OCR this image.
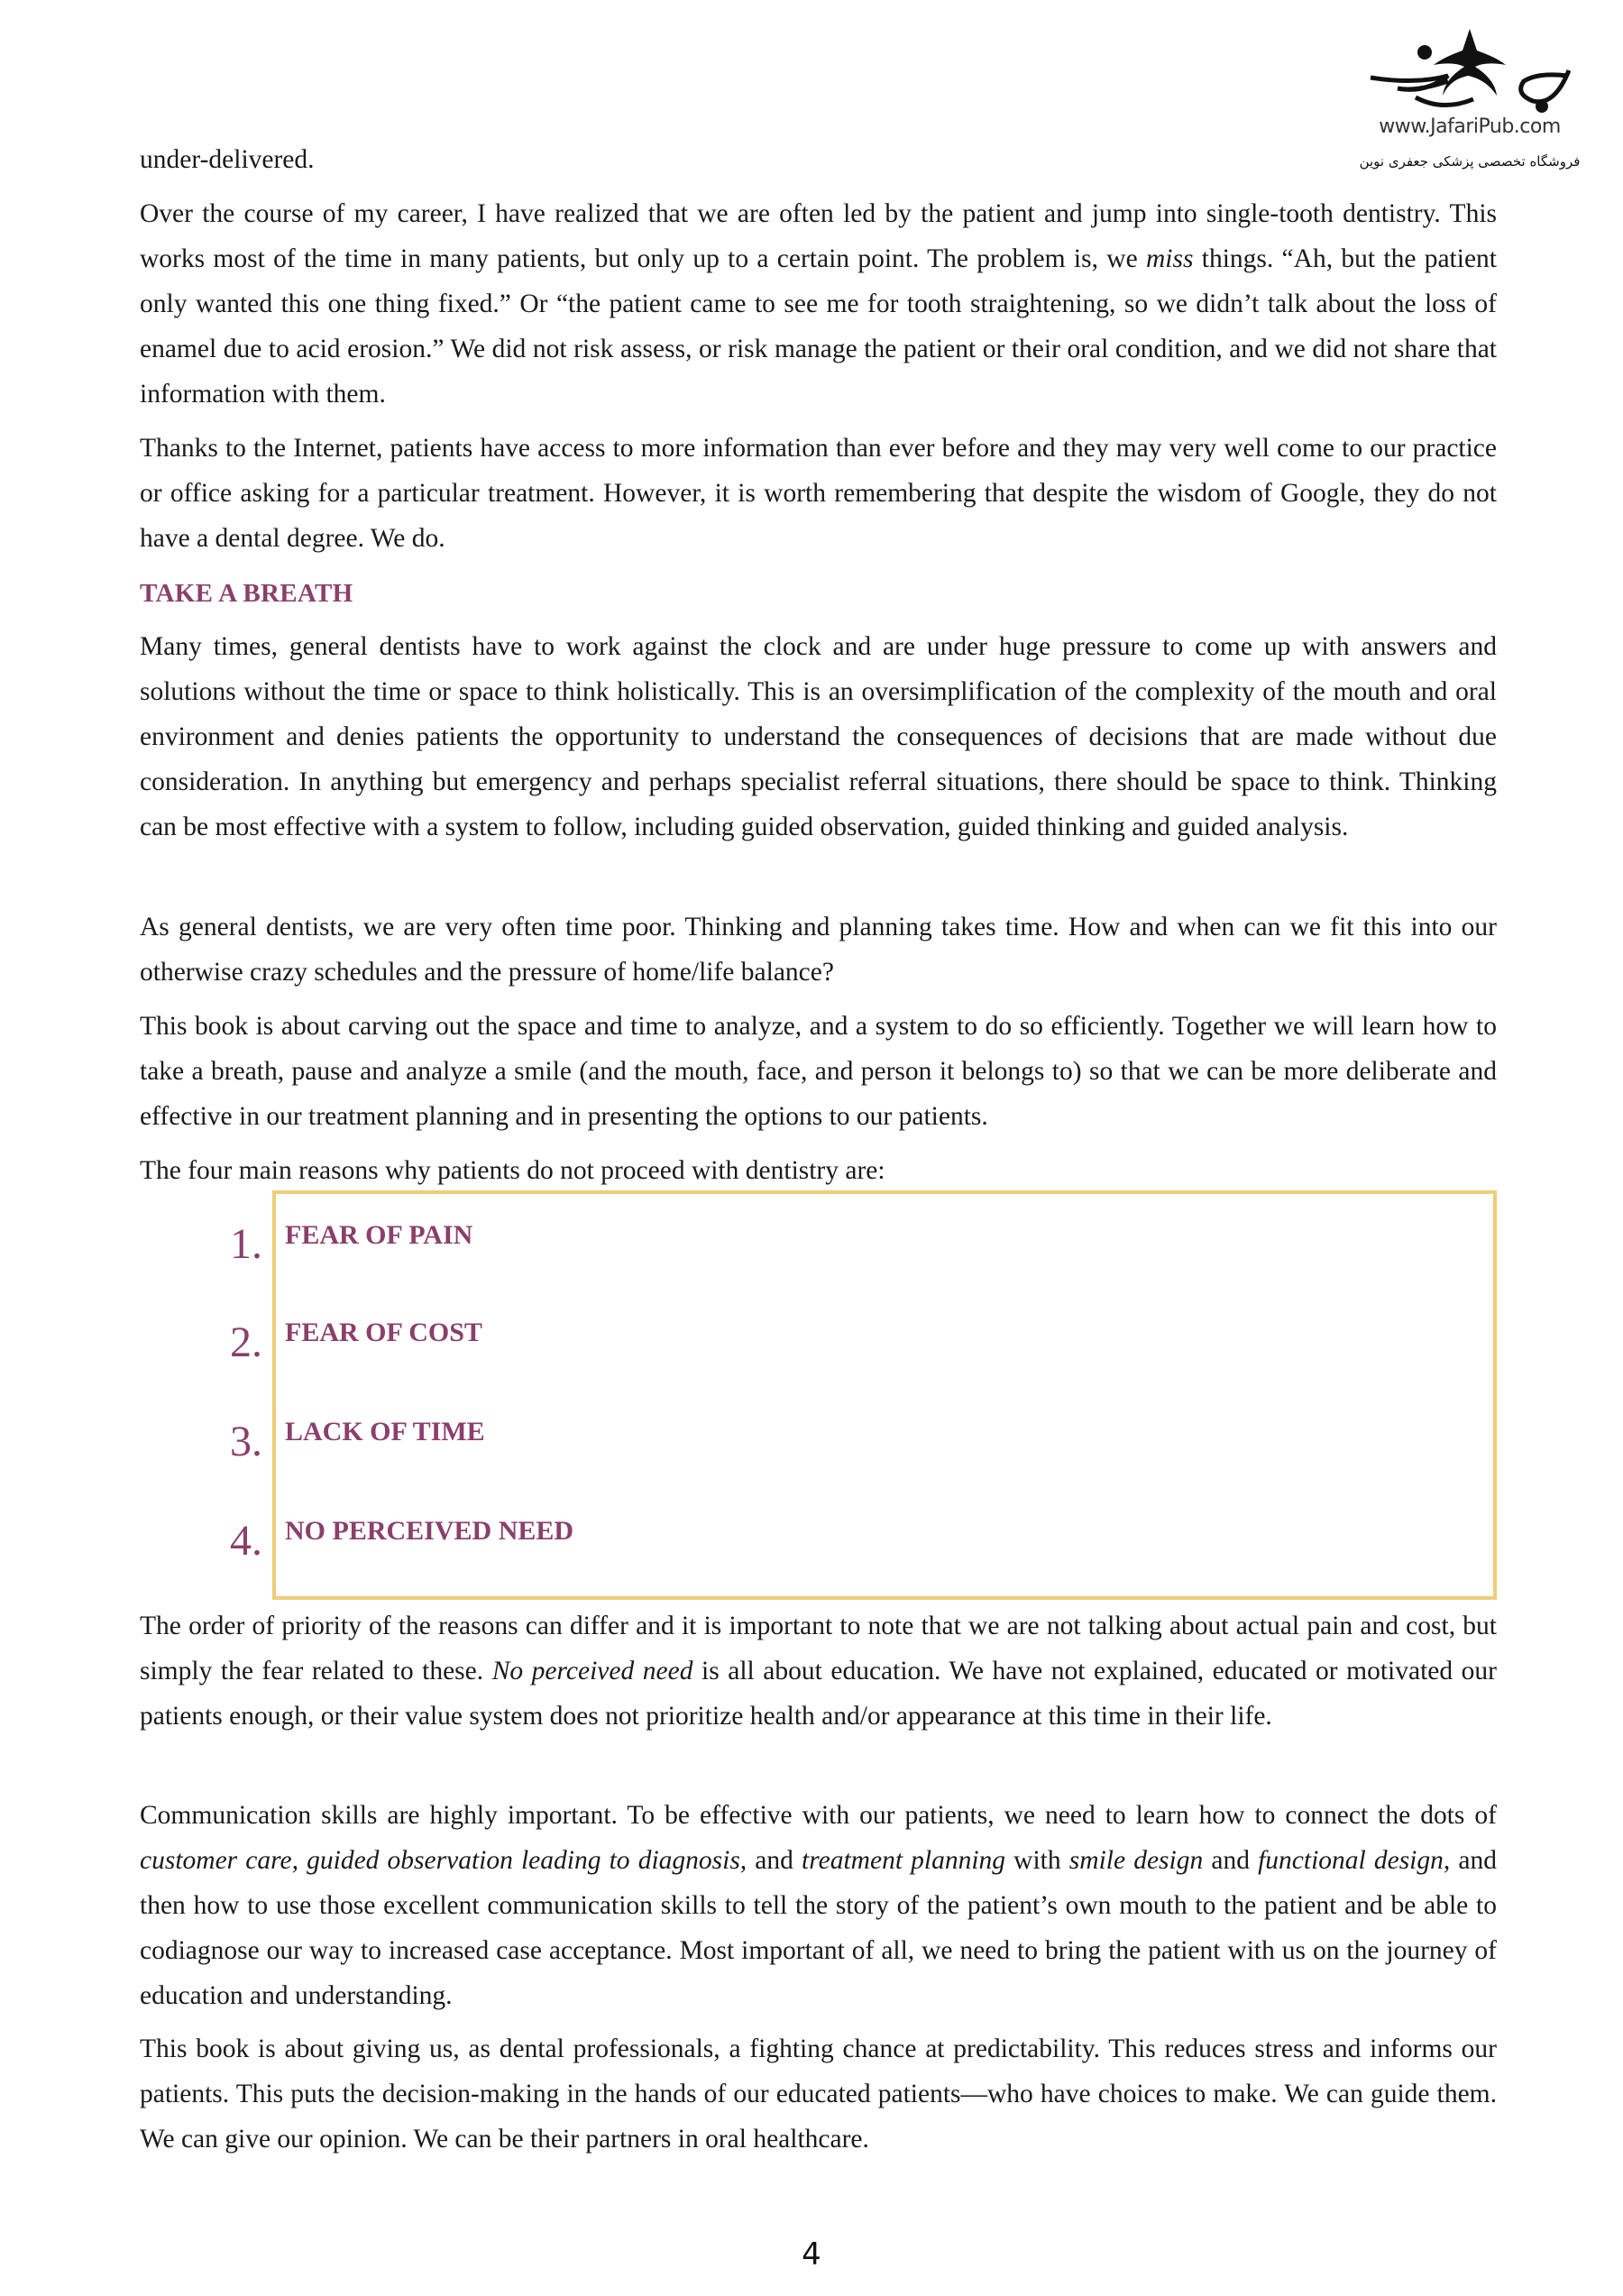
www.JafariPub.com
فروشگاه تخصصی پزشکی جعفری نوین

under-delivered.

Over the course of my career, I have realized that we are often led by the patient and jump into single-tooth dentistry. This works most of the time in many patients, but only up to a certain point. The problem is, we miss things. “Ah, but the patient only wanted this one thing fixed.” Or “the patient came to see me for tooth straightening, so we didn’t talk about the loss of enamel due to acid erosion.” We did not risk assess, or risk manage the patient or their oral condition, and we did not share that information with them.

Thanks to the Internet, patients have access to more information than ever before and they may very well come to our practice or office asking for a particular treatment. However, it is worth remembering that despite the wisdom of Google, they do not have a dental degree. We do.

TAKE A BREATH

Many times, general dentists have to work against the clock and are under huge pressure to come up with answers and solutions without the time or space to think holistically. This is an oversimplification of the complexity of the mouth and oral environment and denies patients the opportunity to understand the consequences of decisions that are made without due consideration. In anything but emergency and perhaps specialist referral situations, there should be space to think. Thinking can be most effective with a system to follow, including guided observation, guided thinking and guided analysis.

As general dentists, we are very often time poor. Thinking and planning takes time. How and when can we fit this into our otherwise crazy schedules and the pressure of home/life balance?

This book is about carving out the space and time to analyze, and a system to do so efficiently. Together we will learn how to take a breath, pause and analyze a smile (and the mouth, face, and person it belongs to) so that we can be more deliberate and effective in our treatment planning and in presenting the options to our patients.

The four main reasons why patients do not proceed with dentistry are:

1. FEAR OF PAIN
2. FEAR OF COST
3. LACK OF TIME
4. NO PERCEIVED NEED

The order of priority of the reasons can differ and it is important to note that we are not talking about actual pain and cost, but simply the fear related to these. No perceived need is all about education. We have not explained, educated or motivated our patients enough, or their value system does not prioritize health and/or appearance at this time in their life.

Communication skills are highly important. To be effective with our patients, we need to learn how to connect the dots of customer care, guided observation leading to diagnosis, and treatment planning with smile design and functional design, and then how to use those excellent communication skills to tell the story of the patient’s own mouth to the patient and be able to codiagnose our way to increased case acceptance. Most important of all, we need to bring the patient with us on the journey of education and understanding.

This book is about giving us, as dental professionals, a fighting chance at predictability. This reduces stress and informs our patients. This puts the decision-making in the hands of our educated patients—who have choices to make. We can guide them. We can give our opinion. We can be their partners in oral healthcare.

4
